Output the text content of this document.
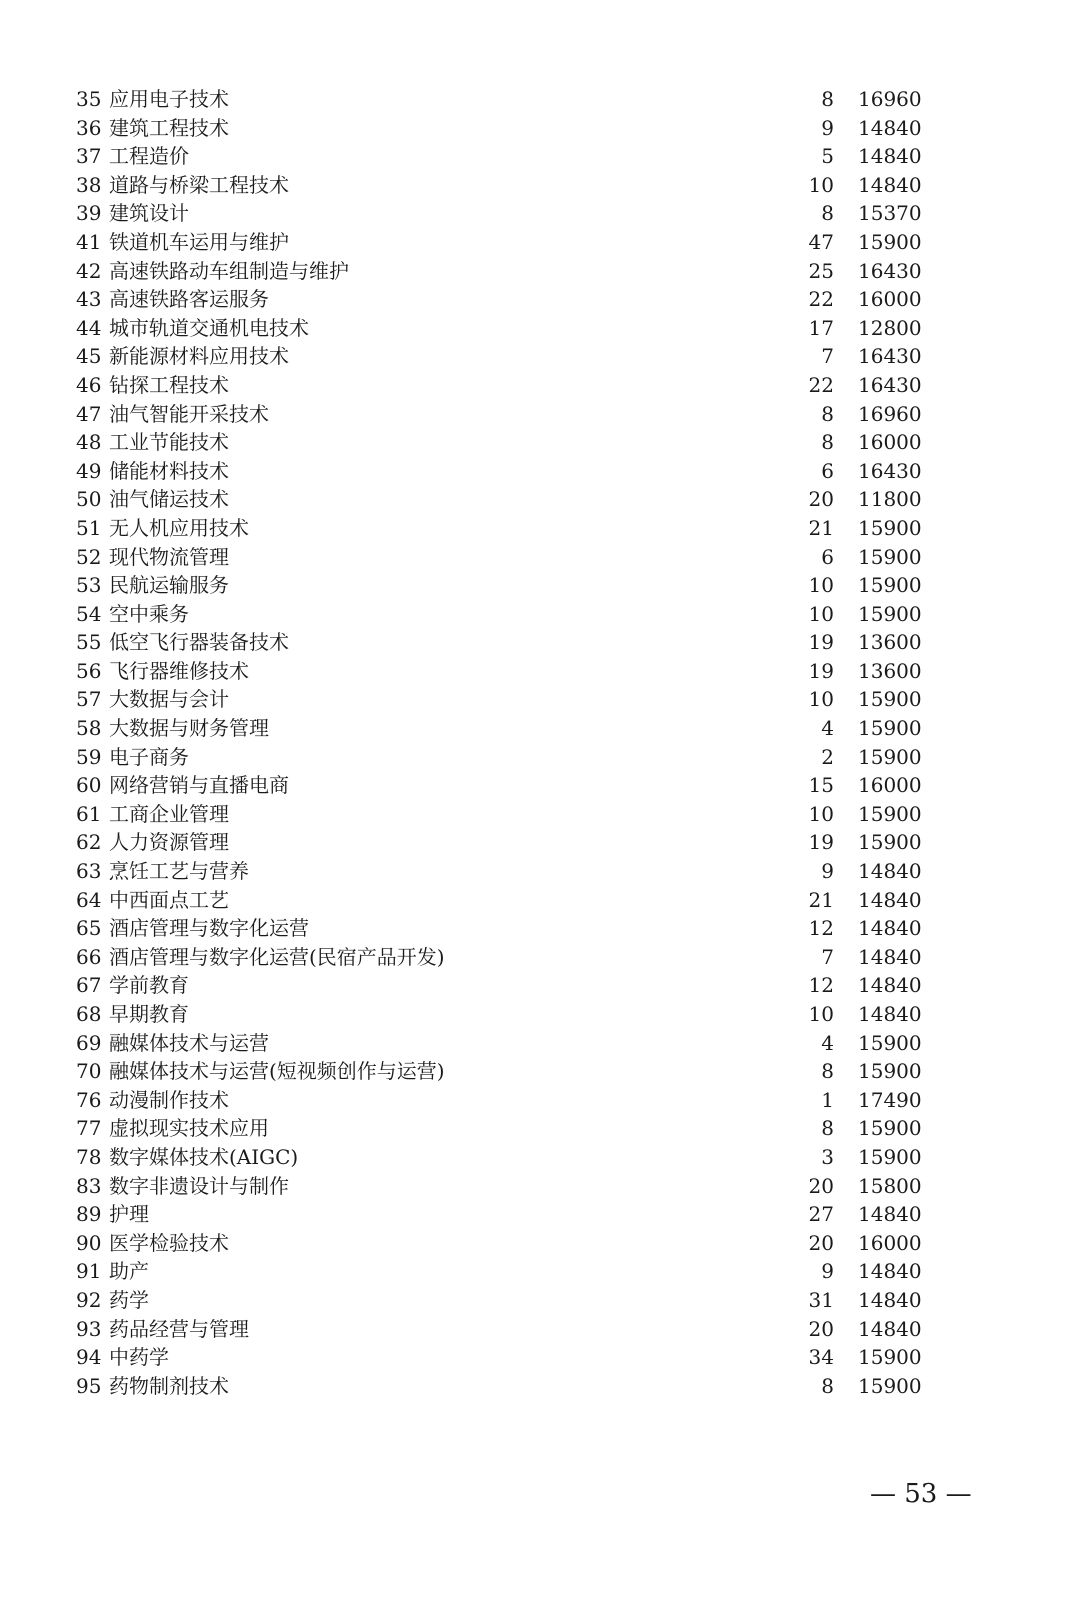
35 应用电子技术	8 16960
36 建筑工程技术	9 14840
37 工程造价	5 14840
38 道路与桥梁工程技术	10 14840
39 建筑设计	8 15370
41 铁道机车运用与维护	47 15900
42 高速铁路动车组制造与维护	25 16430
43 高速铁路客运服务	22 16000
44 城市轨道交通机电技术	17 12800
45 新能源材料应用技术	7 16430
46 钻探工程技术	22 16430
47 油气智能开采技术	8 16960
48 工业节能技术	8 16000
49 储能材料技术	6 16430
50 油气储运技术	20 11800
51 无人机应用技术	21 15900
52 现代物流管理	6 15900
53 民航运输服务	10 15900
54 空中乘务	10 15900
55 低空飞行器装备技术	19 13600
56 飞行器维修技术	19 13600
57 大数据与会计	10 15900
58 大数据与财务管理	4 15900
59 电子商务	2 15900
60 网络营销与直播电商	15 16000
61 工商企业管理	10 15900
62 人力资源管理	19 15900
63 烹饪工艺与营养	9 14840
64 中西面点工艺	21 14840
65 酒店管理与数字化运营	12 14840
66 酒店管理与数字化运营(民宿产品开发)	7 14840
67 学前教育	12 14840
68 早期教育	10 14840
69 融媒体技术与运营	4 15900
70 融媒体技术与运营(短视频创作与运营)	8 15900
76 动漫制作技术	1 17490
77 虚拟现实技术应用	8 15900
78 数字媒体技术(AIGC)	3 15900
83 数字非遗设计与制作	20 15800
89 护理	27 14840
90 医学检验技术	20 16000
91 助产	9 14840
92 药学	31 14840
93 药品经营与管理	20 14840
94 中药学	34 15900
95 药物制剂技术	8 15900
— 53 —
